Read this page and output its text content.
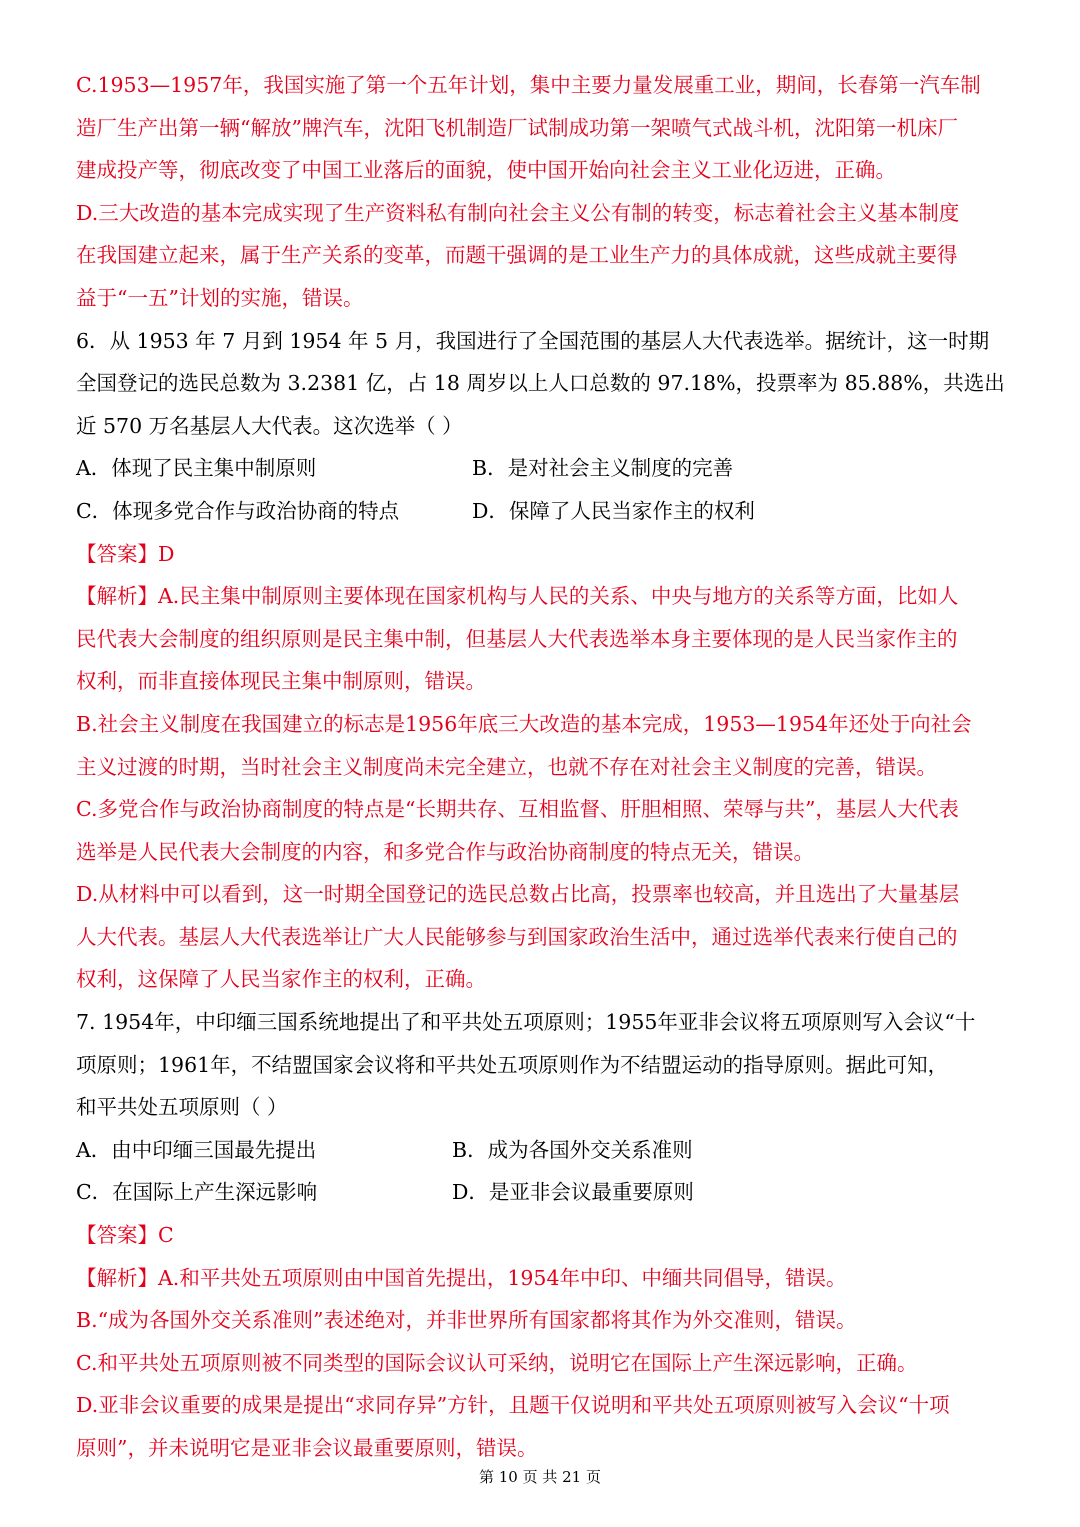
C.1953—1957年，我国实施了第一个五年计划，集中主要力量发展重工业，期间，长春第一汽车制
造厂生产出第一辆“解放”牌汽车，沈阳飞机制造厂试制成功第一架喷气式战斗机，沈阳第一机床厂
建成投产等，彻底改变了中国工业落后的面貌，使中国开始向社会主义工业化迈进，正确。
D.三大改造的基本完成实现了生产资料私有制向社会主义公有制的转变，标志着社会主义基本制度
在我国建立起来，属于生产关系的变革，而题干强调的是工业生产力的具体成就，这些成就主要得
益于“一五”计划的实施，错误。
6．从 1953 年 7 月到 1954 年 5 月，我国进行了全国范围的基层人大代表选举。据统计，这一时期
全国登记的选民总数为 3.2381 亿，占 18 周岁以上人口总数的 97.18%，投票率为 85.88%，共选出
近 570 万名基层人大代表。这次选举（ ）
A．体现了民主集中制原则	B．是对社会主义制度的完善
C．体现多党合作与政治协商的特点	D．保障了人民当家作主的权利
【答案】D
【解析】A.民主集中制原则主要体现在国家机构与人民的关系、中央与地方的关系等方面，比如人
民代表大会制度的组织原则是民主集中制，但基层人大代表选举本身主要体现的是人民当家作主的
权利，而非直接体现民主集中制原则，错误。
B.社会主义制度在我国建立的标志是1956年底三大改造的基本完成，1953—1954年还处于向社会
主义过渡的时期，当时社会主义制度尚未完全建立，也就不存在对社会主义制度的完善，错误。
C.多党合作与政治协商制度的特点是“长期共存、互相监督、肝胆相照、荣辱与共”，基层人大代表
选举是人民代表大会制度的内容，和多党合作与政治协商制度的特点无关，错误。
D.从材料中可以看到，这一时期全国登记的选民总数占比高，投票率也较高，并且选出了大量基层
人大代表。基层人大代表选举让广大人民能够参与到国家政治生活中，通过选举代表来行使自己的
权利，这保障了人民当家作主的权利，正确。
7. 1954年，中印缅三国系统地提出了和平共处五项原则；1955年亚非会议将五项原则写入会议“十
项原则；1961年，不结盟国家会议将和平共处五项原则作为不结盟运动的指导原则。据此可知，
和平共处五项原则（ ）
A．由中印缅三国最先提出	B．成为各国外交关系准则
C．在国际上产生深远影响	D．是亚非会议最重要原则
【答案】C
【解析】A.和平共处五项原则由中国首先提出，1954年中印、中缅共同倡导，错误。
B.“成为各国外交关系准则”表述绝对，并非世界所有国家都将其作为外交准则，错误。
C.和平共处五项原则被不同类型的国际会议认可采纳，说明它在国际上产生深远影响，正确。
D.亚非会议重要的成果是提出“求同存异”方针，且题干仅说明和平共处五项原则被写入会议“十项
原则”，并未说明它是亚非会议最重要原则，错误。
第 10 页 共 21 页
